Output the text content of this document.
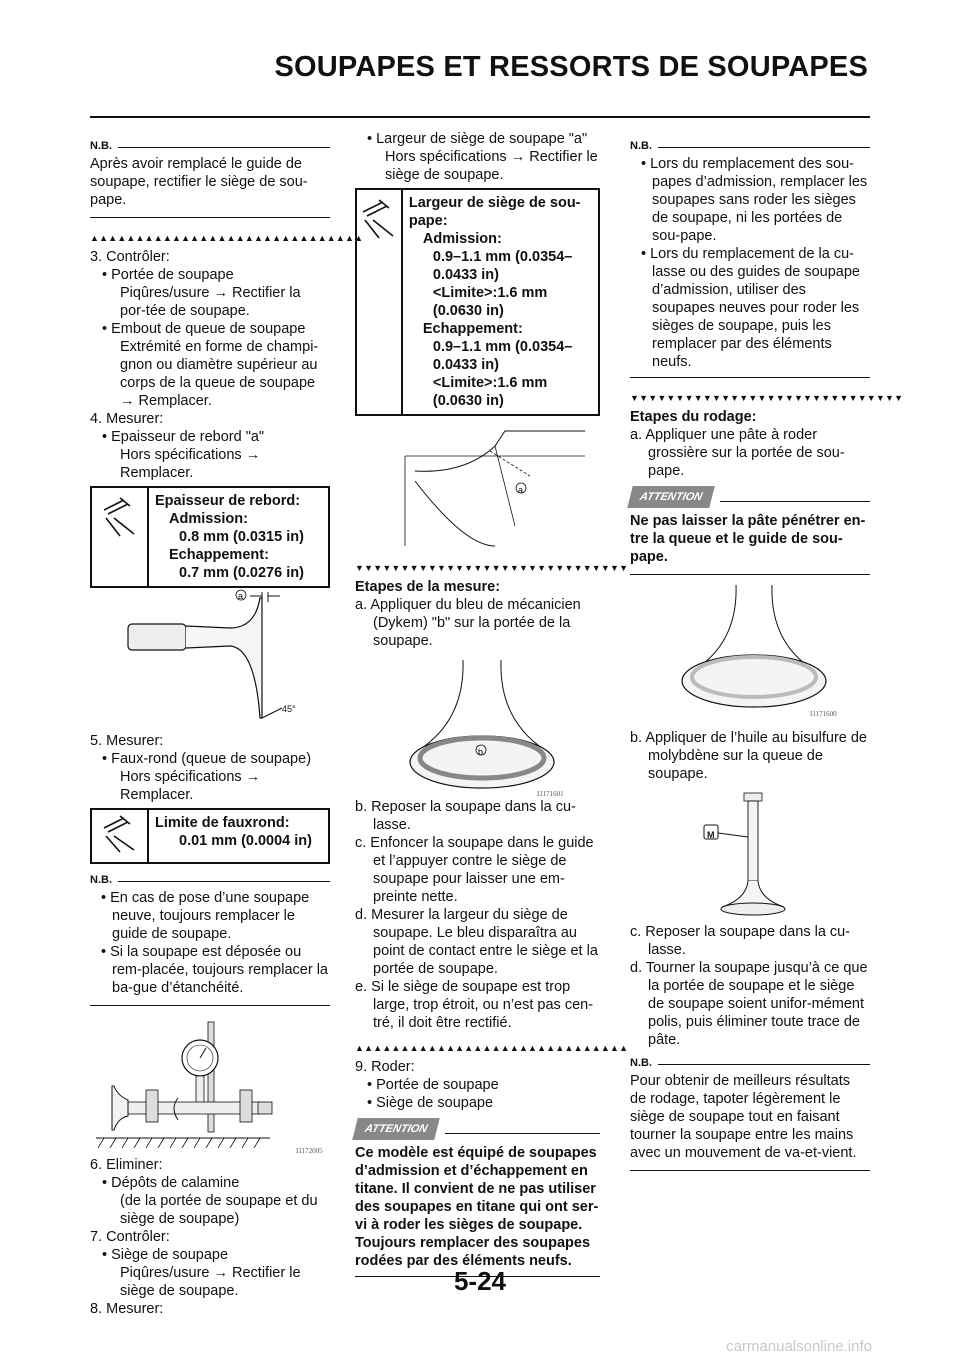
SOUPAPES ET RESSORTS DE SOUPAPES
N.B.

Après avoir remplacé le guide de soupape, rectifier le siège de sou-pape.

▲▲▲▲▲▲▲▲▲▲▲▲▲▲▲▲▲▲▲▲▲▲▲▲▲▲▲▲▲▲

3. Contrôler:

• Portée de soupape

Piqûres/usure → Rectifier la por-tée de soupape.

• Embout de queue de soupape

Extrémité en forme de champi-gnon ou diamètre supérieur au corps de la queue de soupape → Remplacer.

4. Mesurer:

• Epaisseur de rebord "a"

Hors spécifications → Remplacer.

Epaisseur de rebord:
Admission:
0.8 mm (0.0315 in)
Echappement:
0.7 mm (0.0276 in)
a
45°

5. Mesurer:

• Faux-rond (queue de soupape)

Hors spécifications → Remplacer.

Limite de fauxrond:
0.01 mm (0.0004 in)
N.B.

• En cas de pose d’une soupape neuve, toujours remplacer le guide de soupape.

• Si la soupape est déposée ou rem-placée, toujours remplacer la ba-gue d’étanchéité.

I1172005

6. Eliminer:

• Dépôts de calamine

(de la portée de soupape et du siège de soupape)

7. Contrôler:

• Siège de soupape

Piqûres/usure → Rectifier le siège de soupape.

8. Mesurer:

• Largeur de siège de soupape "a"

Hors spécifications → Rectifier le siège de soupape.

Largeur de siège de sou-pape:
Admission:
0.9–1.1 mm (0.0354–0.0433 in)
<Limite>:1.6 mm (0.0630 in)
Echappement:
0.9–1.1 mm (0.0354–0.0433 in)
<Limite>:1.6 mm (0.0630 in)
a
▼▼▼▼▼▼▼▼▼▼▼▼▼▼▼▼▼▼▼▼▼▼▼▼▼▼▼▼▼▼

Etapes de la mesure:

a. Appliquer du bleu de mécanicien (Dykem) "b" sur la portée de la soupape.

b
I1171601

b. Reposer la soupape dans la cu-lasse.

c. Enfoncer la soupape dans le guide et l’appuyer contre le siège de soupape pour laisser une em-preinte nette.

d. Mesurer la largeur du siège de soupape. Le bleu disparaîtra au point de contact entre le siège et la portée de soupape.

e. Si le siège de soupape est trop large, trop étroit, ou n’est pas cen-tré, il doit être rectifié.

▲▲▲▲▲▲▲▲▲▲▲▲▲▲▲▲▲▲▲▲▲▲▲▲▲▲▲▲▲▲

9. Roder:

• Portée de soupape

• Siège de soupape

ATTENTION

Ce modèle est équipé de soupapes d’admission et d’échappement en titane. Il convient de ne pas utiliser des soupapes en titane qui ont ser-vi à roder les sièges de soupape. Toujours remplacer des soupapes rodées par des éléments neufs.

N.B.

• Lors du remplacement des sou-papes d’admission, remplacer les soupapes sans roder les sièges de soupape, ni les portées de sou-pape.

• Lors du remplacement de la cu-lasse ou des guides de soupape d’admission, utiliser des soupapes neuves pour roder les sièges de soupape, puis les remplacer par des éléments neufs.

▼▼▼▼▼▼▼▼▼▼▼▼▼▼▼▼▼▼▼▼▼▼▼▼▼▼▼▼▼▼

Etapes du rodage:

a. Appliquer une pâte à roder grossière sur la portée de sou-pape.

ATTENTION

Ne pas laisser la pâte pénétrer en-tre la queue et le guide de sou-pape.

I1171600

b. Appliquer de l’huile au bisulfure de molybdène sur la queue de soupape.

M

c. Reposer la soupape dans la cu-lasse.

d. Tourner la soupape jusqu’à ce que la portée de soupape et le siège de soupape soient unifor-mément polis, puis éliminer toute trace de pâte.

N.B.

Pour obtenir de meilleurs résultats de rodage, tapoter légèrement le siège de soupape tout en faisant tourner la soupape entre les mains avec un mouvement de va-et-vient.

5-24
carmanualsonline.info
